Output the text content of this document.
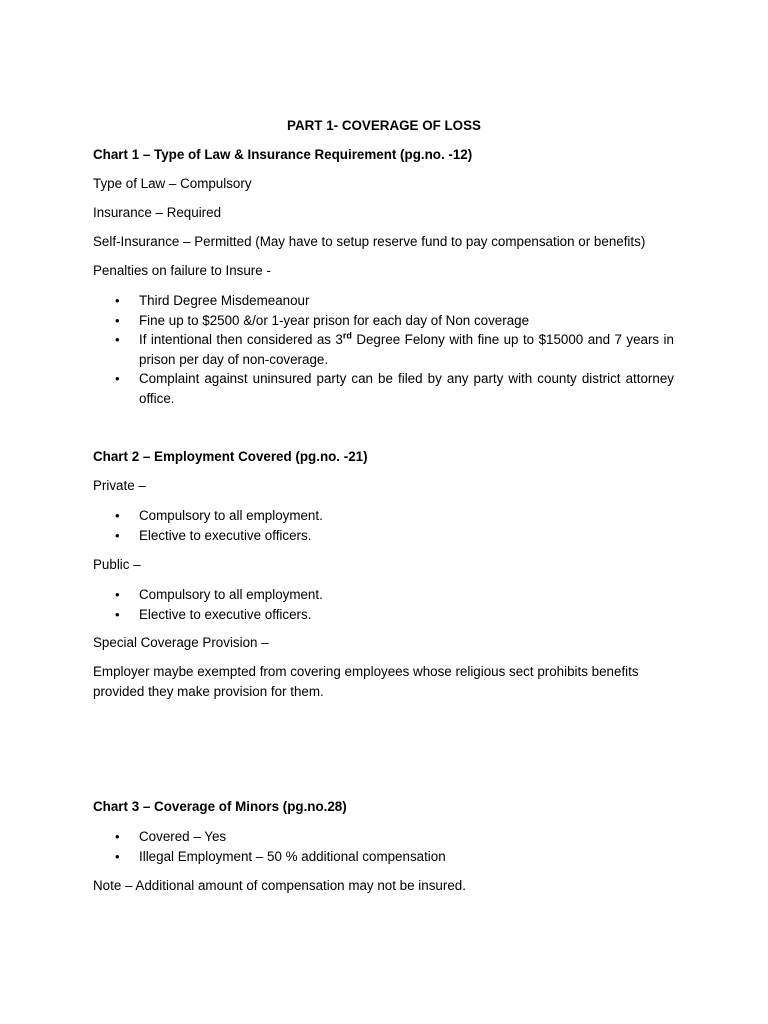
PART 1- COVERAGE OF LOSS
Chart 1 – Type of Law & Insurance Requirement (pg.no. -12)
Type of Law – Compulsory
Insurance – Required
Self-Insurance – Permitted (May have to setup reserve fund to pay compensation or benefits)
Penalties on failure to Insure -
• Third Degree Misdemeanour
• Fine up to $2500 &/or 1-year prison for each day of Non coverage
• If intentional then considered as 3rd Degree Felony with fine up to $15000 and 7 years in prison per day of non-coverage.
• Complaint against uninsured party can be filed by any party with county district attorney office.
Chart 2 – Employment Covered (pg.no. -21)
Private –
• Compulsory to all employment.
• Elective to executive officers.
Public –
• Compulsory to all employment.
• Elective to executive officers.
Special Coverage Provision –
Employer maybe exempted from covering employees whose religious sect prohibits benefits provided they make provision for them.
Chart 3 – Coverage of Minors (pg.no.28)
• Covered – Yes
• Illegal Employment – 50 % additional compensation
Note – Additional amount of compensation may not be insured.
